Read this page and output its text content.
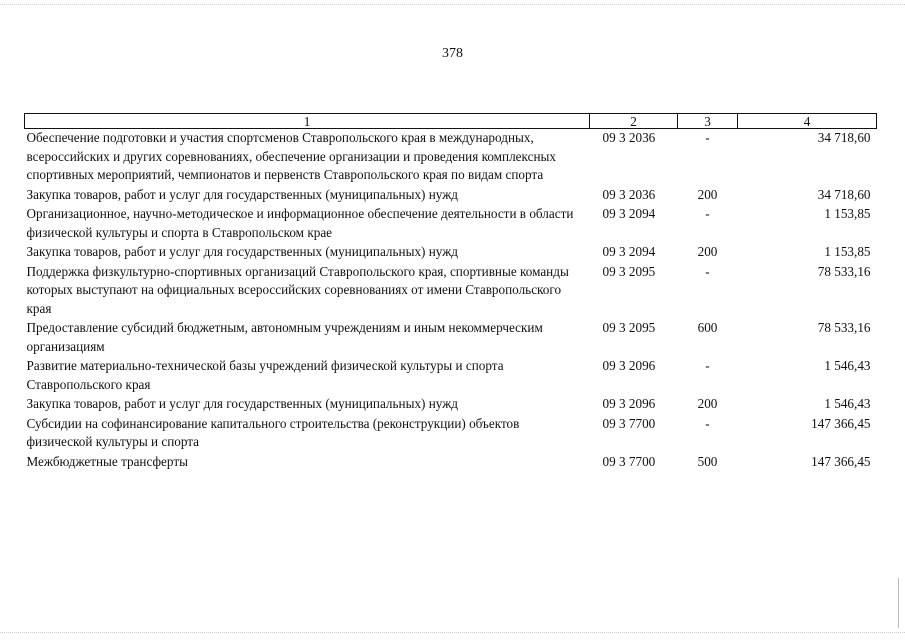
378
1	2	3	4
Обеспечение подготовки и участия спортсменов Ставропольского края в международных, всероссийских и других соревнованиях, обеспечение организации и проведения комплексных спортивных мероприятий, чемпионатов и первенств Ставропольского края по видам спорта	09 3 2036	-	34 718,60
Закупка товаров, работ и услуг для государственных (муниципальных) нужд	09 3 2036	200	34 718,60
Организационное, научно-методическое и информационное обеспечение деятельности в области физической культуры и спорта в Ставропольском крае	09 3 2094	-	1 153,85
Закупка товаров, работ и услуг для государственных (муниципальных) нужд	09 3 2094	200	1 153,85
Поддержка физкультурно-спортивных организаций Ставропольского края, спортивные команды которых выступают на официальных всероссийских соревнованиях от имени Ставропольского края	09 3 2095	-	78 533,16
Предоставление субсидий бюджетным, автономным учреждениям и иным некоммерческим организациям	09 3 2095	600	78 533,16
Развитие материально-технической базы учреждений физической культуры и спорта Ставропольского края	09 3 2096	-	1 546,43
Закупка товаров, работ и услуг для государственных (муниципальных) нужд	09 3 2096	200	1 546,43
Субсидии на софинансирование капитального строительства (реконструкции) объектов физической культуры и спорта	09 3 7700	-	147 366,45
Межбюджетные трансферты	09 3 7700	500	147 366,45
